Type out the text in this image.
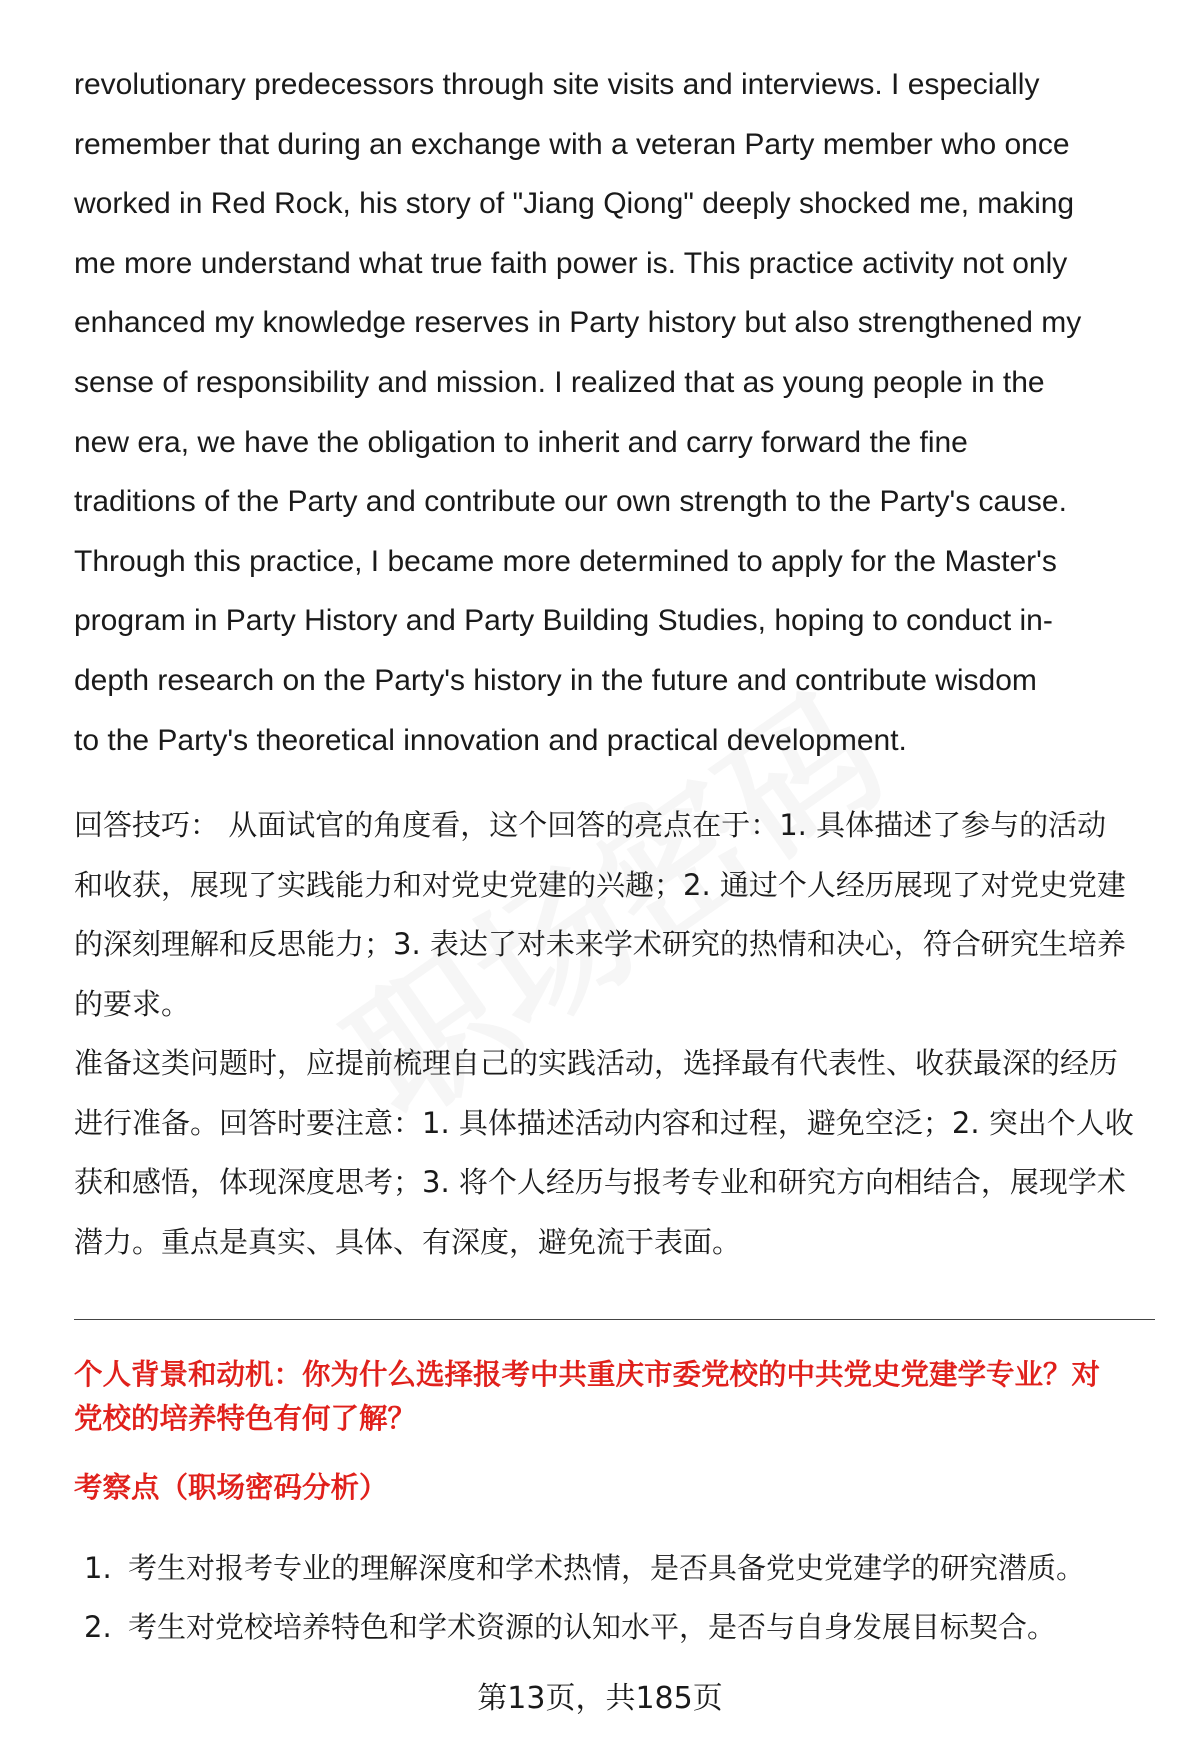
revolutionary predecessors through site visits and interviews. I especially
remember that during an exchange with a veteran Party member who once
worked in Red Rock, his story of "Jiang Qiong" deeply shocked me, making
me more understand what true faith power is. This practice activity not only
enhanced my knowledge reserves in Party history but also strengthened my
sense of responsibility and mission. I realized that as young people in the
new era, we have the obligation to inherit and carry forward the fine
traditions of the Party and contribute our own strength to the Party's cause.
Through this practice, I became more determined to apply for the Master's
program in Party History and Party Building Studies, hoping to conduct in-
depth research on the Party's history in the future and contribute wisdom
to the Party's theoretical innovation and practical development.
回答技巧： 从面试官的角度看，这个回答的亮点在于：1. 具体描述了参与的活动
和收获，展现了实践能力和对党史党建的兴趣；2. 通过个人经历展现了对党史党建
的深刻理解和反思能力；3. 表达了对未来学术研究的热情和决心，符合研究生培养
的要求。
准备这类问题时，应提前梳理自己的实践活动，选择最有代表性、收获最深的经历
进行准备。回答时要注意：1. 具体描述活动内容和过程，避免空泛；2. 突出个人收
获和感悟，体现深度思考；3. 将个人经历与报考专业和研究方向相结合，展现学术
潜力。重点是真实、具体、有深度，避免流于表面。
个人背景和动机：你为什么选择报考中共重庆市委党校的中共党史党建学专业？对
党校的培养特色有何了解？
考察点（职场密码分析）
1. 考生对报考专业的理解深度和学术热情，是否具备党史党建学的研究潜质。
2. 考生对党校培养特色和学术资源的认知水平，是否与自身发展目标契合。
第13页，共185页
